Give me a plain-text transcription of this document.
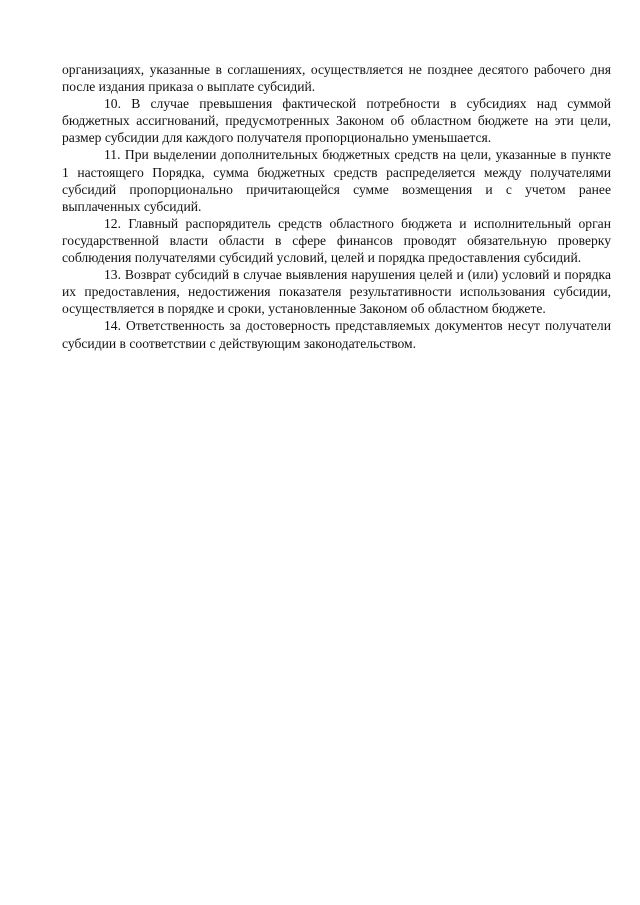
организациях, указанные в соглашениях, осуществляется не позднее десятого рабочего дня после издания приказа о выплате субсидий.

10. В случае превышения фактической потребности в субсидиях над суммой бюджетных ассигнований, предусмотренных Законом об областном бюджете на эти цели, размер субсидии для каждого получателя пропорционально уменьшается.

11. При выделении дополнительных бюджетных средств на цели, указанные в пункте 1 настоящего Порядка, сумма бюджетных средств распределяется между получателями субсидий пропорционально причитающейся сумме возмещения и с учетом ранее выплаченных субсидий.

12. Главный распорядитель средств областного бюджета и исполнительный орган государственной власти области в сфере финансов проводят обязательную проверку соблюдения получателями субсидий условий, целей и порядка предоставления субсидий.

13. Возврат субсидий в случае выявления нарушения целей и (или) условий и порядка их предоставления, недостижения показателя результативности использования субсидии, осуществляется в порядке и сроки, установленные Законом об областном бюджете.

14. Ответственность за достоверность представляемых документов несут получатели субсидии в соответствии с действующим законодательством.
